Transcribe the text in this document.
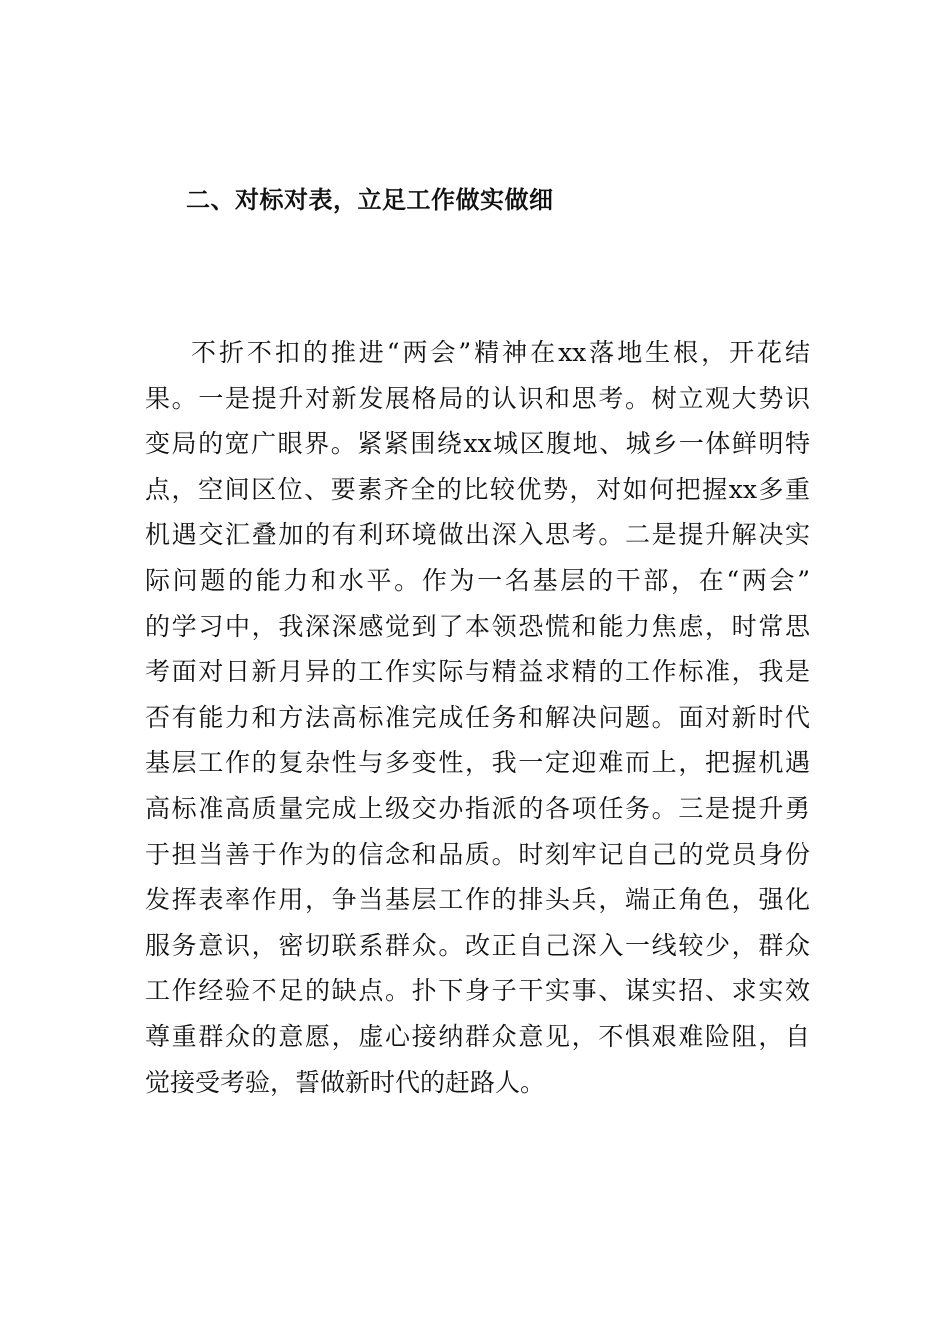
二、对标对表，立足工作做实做细
不折不扣的推进“两会”精神在xx落地生根，开花结
果。一是提升对新发展格局的认识和思考。树立观大势识
变局的宽广眼界。紧紧围绕xx城区腹地、城乡一体鲜明特
点，空间区位、要素齐全的比较优势，对如何把握xx多重
机遇交汇叠加的有利环境做出深入思考。二是提升解决实
际问题的能力和水平。作为一名基层的干部，在“两会”
的学习中，我深深感觉到了本领恐慌和能力焦虑，时常思
考面对日新月异的工作实际与精益求精的工作标准，我是
否有能力和方法高标准完成任务和解决问题。面对新时代
基层工作的复杂性与多变性，我一定迎难而上，把握机遇
高标准高质量完成上级交办指派的各项任务。三是提升勇
于担当善于作为的信念和品质。时刻牢记自己的党员身份
发挥表率作用，争当基层工作的排头兵，端正角色，强化
服务意识，密切联系群众。改正自己深入一线较少，群众
工作经验不足的缺点。扑下身子干实事、谋实招、求实效
尊重群众的意愿，虚心接纳群众意见，不惧艰难险阻，自
觉接受考验，誓做新时代的赶路人。
